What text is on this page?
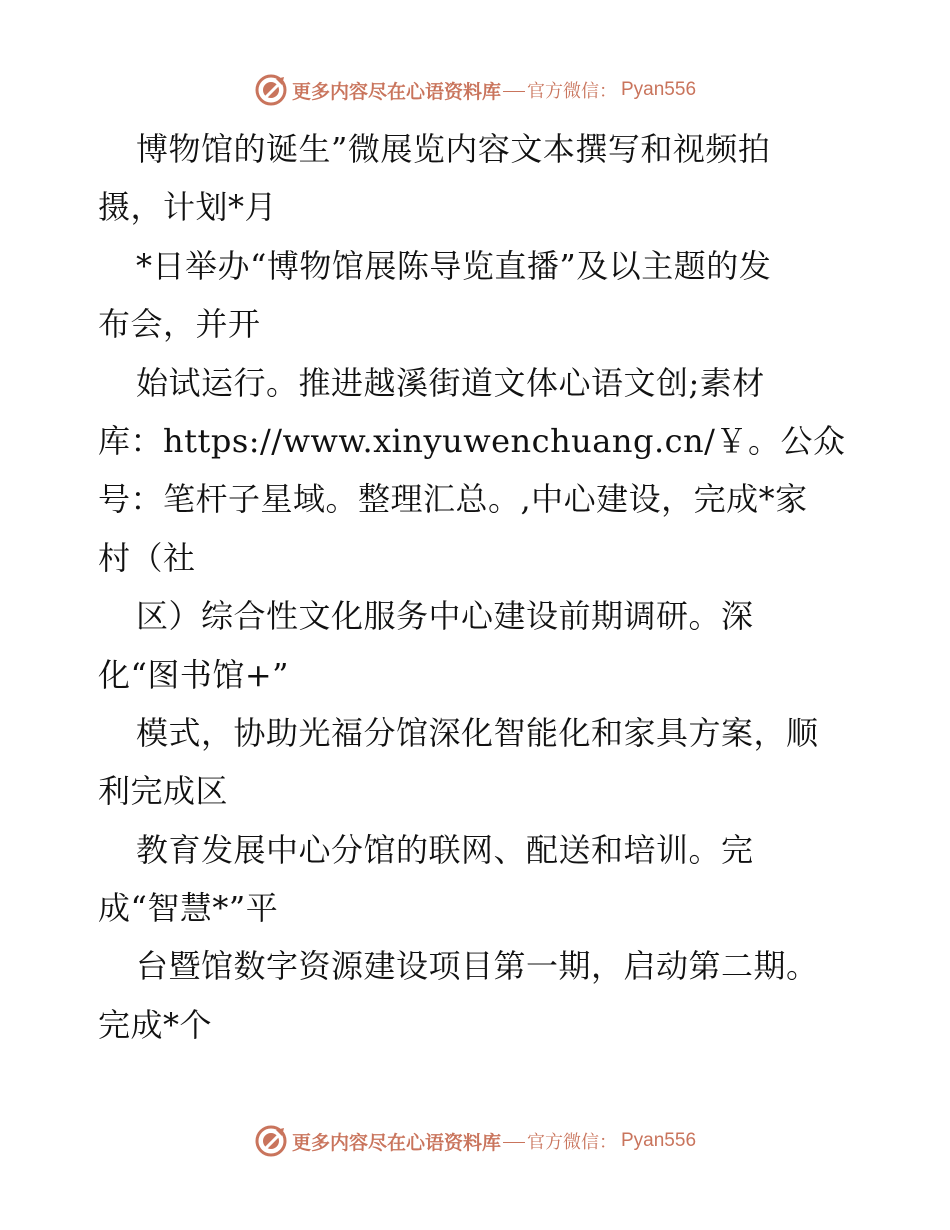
更多内容尽在心语资料库 官方微信： Pyan556
博物馆的诞生”微展览内容文本撰写和视频拍
摄，计划*月
*日举办“博物馆展陈导览直播”及以主题的发
布会，并开
始试运行。推进越溪街道文体心语文创;素材
库：https://www.xinyuwenchuang.cn/￥。公众
号：笔杆子星域。整理汇总。,中心建设，完成*家
村（社
区）综合性文化服务中心建设前期调研。深
化“图书馆+”
模式，协助光福分馆深化智能化和家具方案，顺
利完成区
教育发展中心分馆的联网、配送和培训。完
成“智慧*”平
台暨馆数字资源建设项目第一期，启动第二期。
完成*个
更多内容尽在心语资料库 官方微信： Pyan556
